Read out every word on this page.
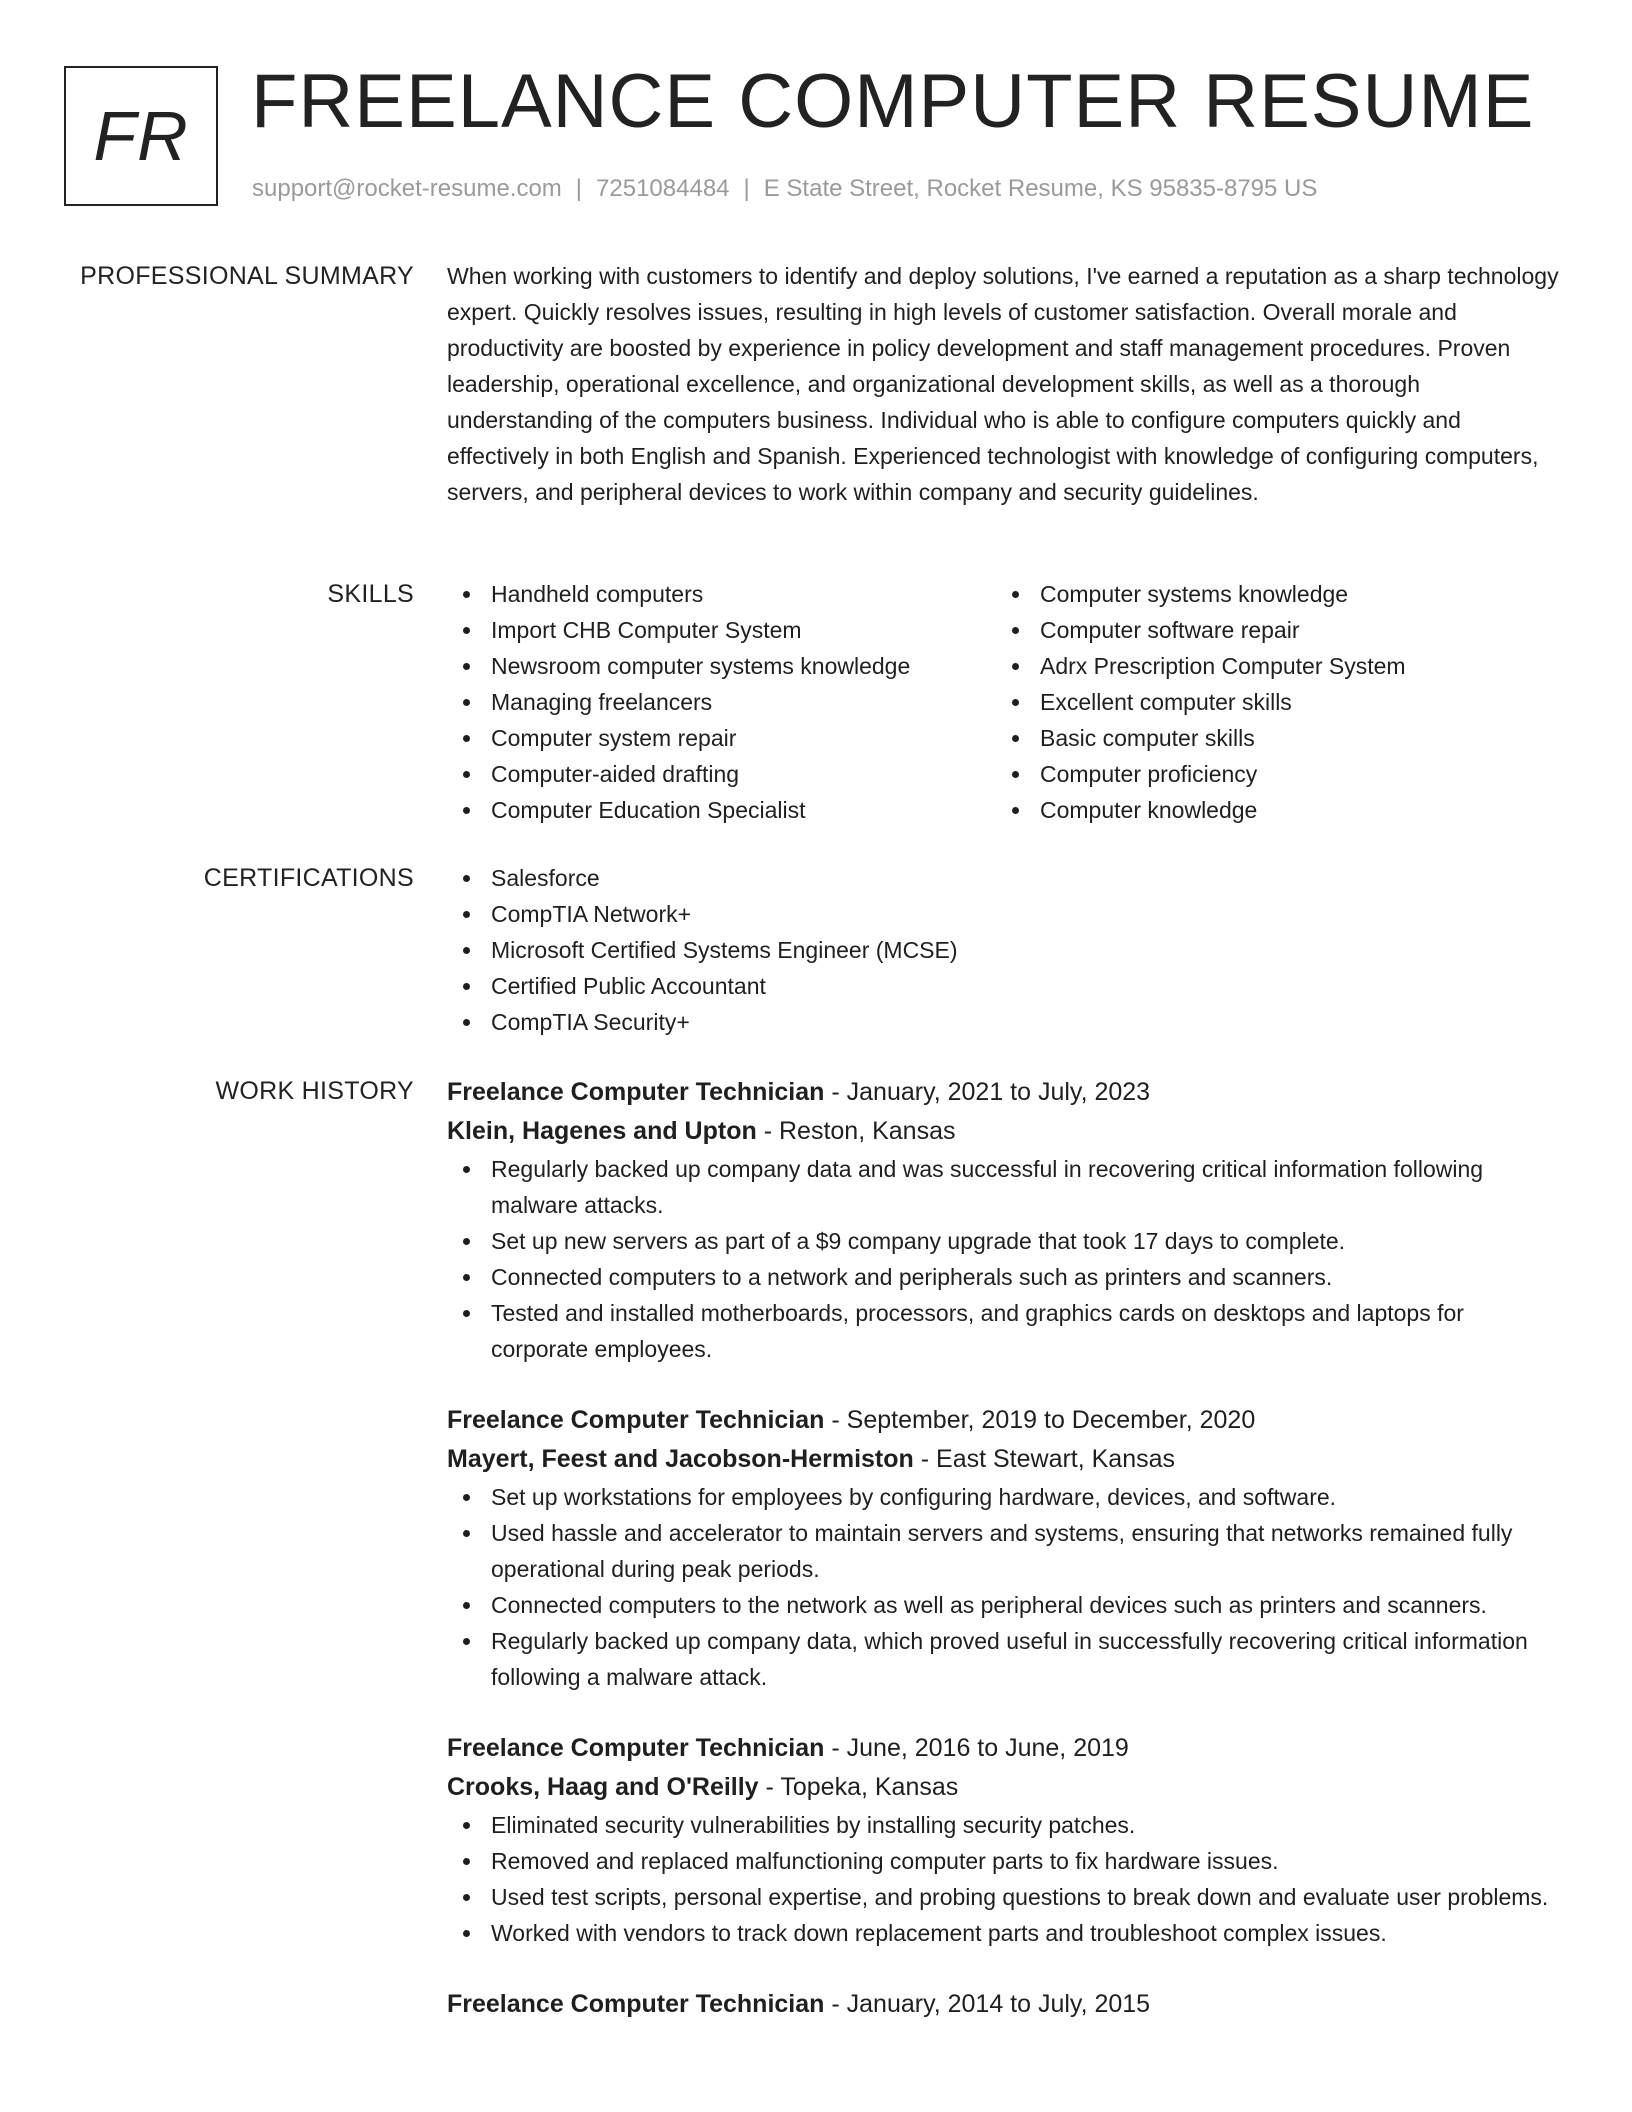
FR FREELANCE COMPUTER RESUME
support@rocket-resume.com | 7251084484 | E State Street, Rocket Resume, KS 95835-8795 US
PROFESSIONAL SUMMARY When working with customers to identify and deploy solutions, I've earned a reputation as a sharp technology expert. Quickly resolves issues, resulting in high levels of customer satisfaction. Overall morale and productivity are boosted by experience in policy development and staff management procedures. Proven leadership, operational excellence, and organizational development skills, as well as a thorough understanding of the computers business. Individual who is able to configure computers quickly and effectively in both English and Spanish. Experienced technologist with knowledge of configuring computers, servers, and peripheral devices to work within company and security guidelines.

SKILLS	Handheld computers
Import CHB Computer System
Newsroom computer systems knowledge
Managing freelancers
Computer system repair
Computer-aided drafting
Computer Education Specialist
Computer systems knowledge
Computer software repair
Adrx Prescription Computer System
Excellent computer skills
Basic computer skills
Computer proficiency
Computer knowledge
CERTIFICATIONS	Salesforce
CompTIA Network+
Microsoft Certified Systems Engineer (MCSE)
Certified Public Accountant
CompTIA Security+
WORK HISTORY Freelance Computer Technician - January, 2021 to July, 2023
Klein, Hagenes and Upton - Reston, Kansas
Regularly backed up company data and was successful in recovering critical information following malware attacks.
Set up new servers as part of a $9 company upgrade that took 17 days to complete.
Connected computers to a network and peripherals such as printers and scanners.
Tested and installed motherboards, processors, and graphics cards on desktops and laptops for corporate employees.
Freelance Computer Technician - September, 2019 to December, 2020
Mayert, Feest and Jacobson-Hermiston - East Stewart, Kansas
Set up workstations for employees by configuring hardware, devices, and software.
Used hassle and accelerator to maintain servers and systems, ensuring that networks remained fully operational during peak periods.
Connected computers to the network as well as peripheral devices such as printers and scanners.
Regularly backed up company data, which proved useful in successfully recovering critical information following a malware attack.
Freelance Computer Technician - June, 2016 to June, 2019
Crooks, Haag and O'Reilly - Topeka, Kansas
Eliminated security vulnerabilities by installing security patches.
Removed and replaced malfunctioning computer parts to fix hardware issues.
Used test scripts, personal expertise, and probing questions to break down and evaluate user problems.
Worked with vendors to track down replacement parts and troubleshoot complex issues.
Freelance Computer Technician - January, 2014 to July, 2015
